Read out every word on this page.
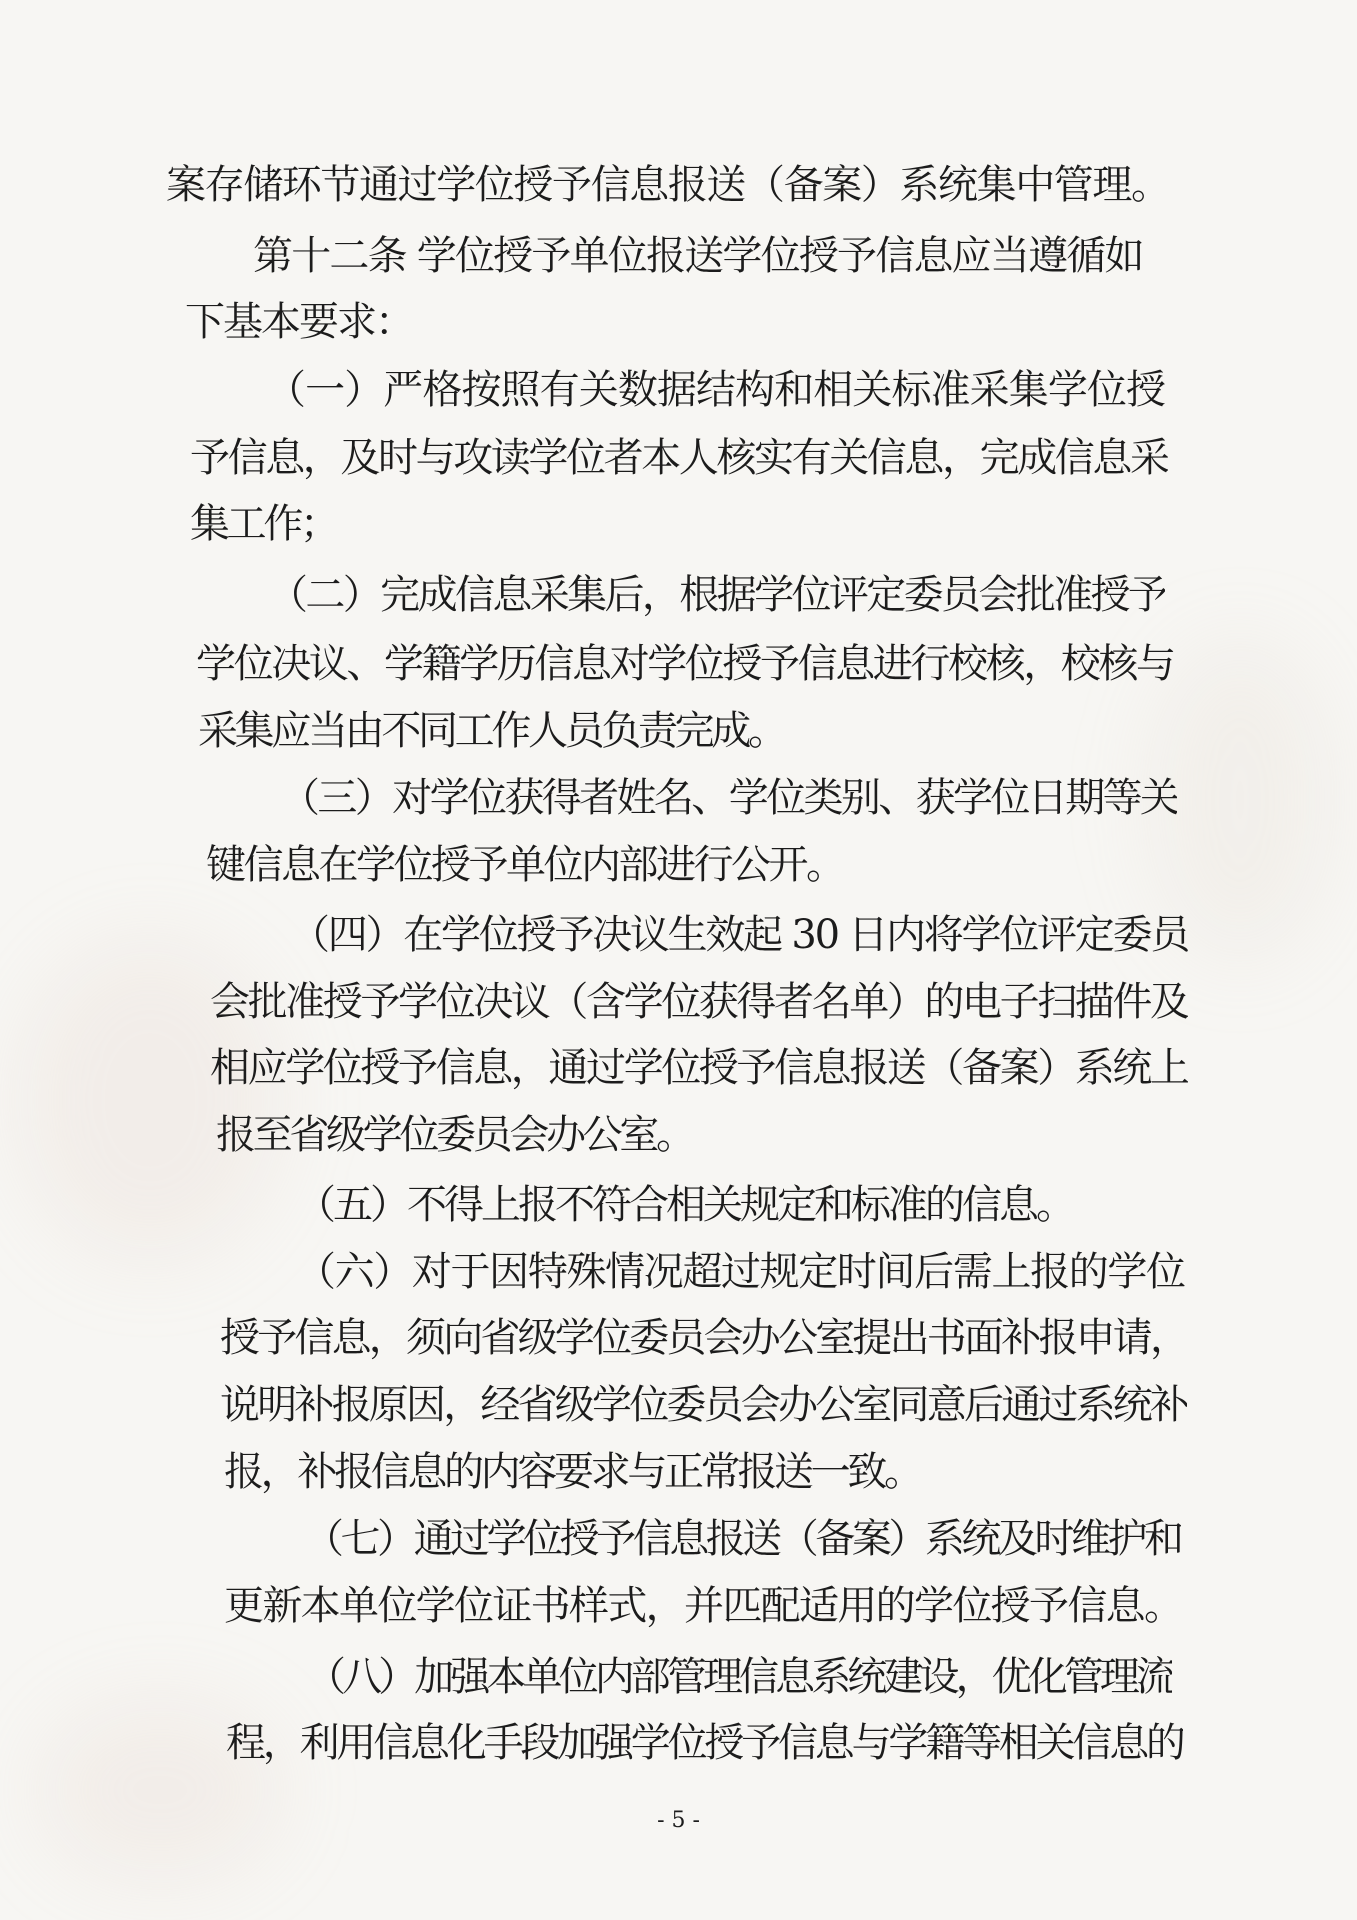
案存储环节通过学位授予信息报送（备案）系统集中管理。
第十二条 学位授予单位报送学位授予信息应当遵循如
下基本要求：
（一）严格按照有关数据结构和相关标准采集学位授
予信息，及时与攻读学位者本人核实有关信息，完成信息采
集工作；
（二）完成信息采集后，根据学位评定委员会批准授予
学位决议、学籍学历信息对学位授予信息进行校核，校核与
采集应当由不同工作人员负责完成。
（三）对学位获得者姓名、学位类别、获学位日期等关
键信息在学位授予单位内部进行公开。
（四）在学位授予决议生效起 30 日内将学位评定委员
会批准授予学位决议（含学位获得者名单）的电子扫描件及
相应学位授予信息，通过学位授予信息报送（备案）系统上
报至省级学位委员会办公室。
（五）不得上报不符合相关规定和标准的信息。
（六）对于因特殊情况超过规定时间后需上报的学位
授予信息，须向省级学位委员会办公室提出书面补报申请，
说明补报原因，经省级学位委员会办公室同意后通过系统补
报，补报信息的内容要求与正常报送一致。
（七）通过学位授予信息报送（备案）系统及时维护和
更新本单位学位证书样式，并匹配适用的学位授予信息。
（八）加强本单位内部管理信息系统建设，优化管理流
程，利用信息化手段加强学位授予信息与学籍等相关信息的
- 5 -
